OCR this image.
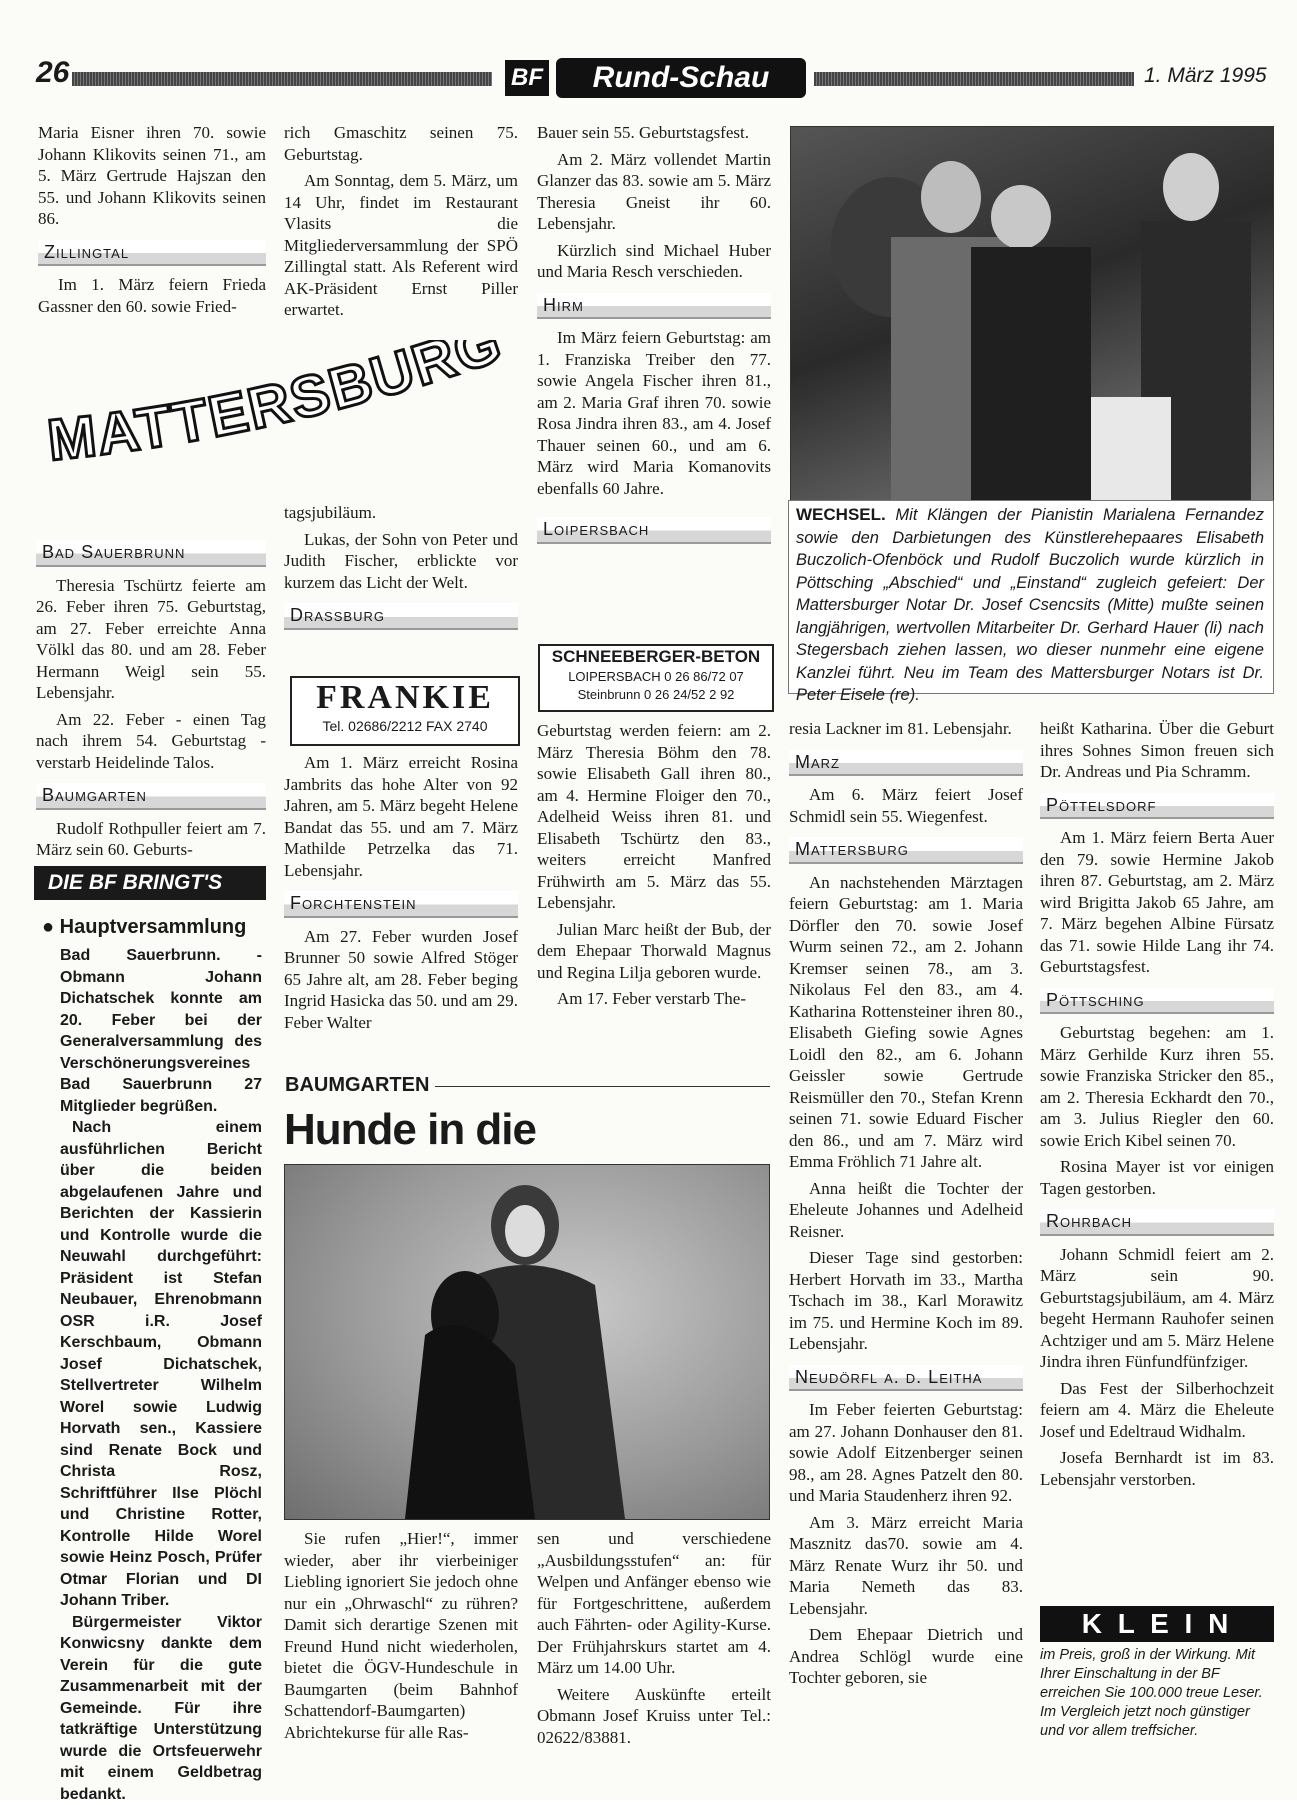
26	BF	Rund-Schau	1. März 1995

Maria Eisner ihren 70. sowie Johann Klikovits seinen 71., am 5. März Gertrude Hajszan den 55. und Johann Klikovits seinen 86.

Zillingtal

Im 1. März feiern Frieda Gassner den 60. sowie Fried-

rich Gmaschitz seinen 75. Geburtstag.

Am Sonntag, dem 5. März, um 14 Uhr, findet im Restaurant Vlasits die Mitgliederversammlung der SPÖ Zillingtal statt. Als Referent wird AK-Präsident Ernst Piller erwartet.

Bauer sein 55. Geburtstagsfest.

Am 2. März vollendet Martin Glanzer das 83. sowie am 5. März Theresia Gneist ihr 60. Lebensjahr.

Kürzlich sind Michael Huber und Maria Resch verschieden.

Hirm

Im März feiern Geburtstag: am 1. Franziska Treiber den 77. sowie Angela Fischer ihren 81., am 2. Maria Graf ihren 70. sowie Rosa Jindra ihren 83., am 4. Josef Thauer seinen 60., und am 6. März wird Maria Komanovits ebenfalls 60 Jahre.

Loipersbach
MATTERSBURG
WECHSEL. Mit Klängen der Pianistin Marialena Fernandez sowie den Darbietungen des Künstlerehepaares Elisabeth Buczolich-Ofenböck und Rudolf Buczolich wurde kürzlich in Pöttsching „Abschied“ und „Einstand“ zugleich gefeiert: Der Mattersburger Notar Dr. Josef Csencsits (Mitte) mußte seinen langjährigen, wertvollen Mitarbeiter Dr. Gerhard Hauer (li) nach Stegersbach ziehen lassen, wo dieser nunmehr eine eigene Kanzlei führt. Neu im Team des Mattersburger Notars ist Dr. Peter Eisele (re).
Bad Sauerbrunn

Theresia Tschürtz feierte am 26. Feber ihren 75. Geburtstag, am 27. Feber erreichte Anna Völkl das 80. und am 28. Feber Hermann Weigl sein 55. Lebensjahr.

Am 22. Feber - einen Tag nach ihrem 54. Geburtstag - verstarb Heidelinde Talos.

Baumgarten

Rudolf Rothpuller feiert am 7. März sein 60. Geburts-

DIE BF BRINGT'S
● Hauptversammlung
Bad Sauerbrunn. - Obmann Johann Dichatschek konnte am 20. Feber bei der Generalversammlung des Verschönerungsvereines Bad Sauerbrunn 27 Mitglieder begrüßen.
Nach einem ausführlichen Bericht über die beiden abgelaufenen Jahre und Berichten der Kassierin und Kontrolle wurde die Neuwahl durchgeführt: Präsident ist Stefan Neubauer, Ehrenobmann OSR i.R. Josef Kerschbaum, Obmann Josef Dichatschek, Stellvertreter Wilhelm Worel sowie Ludwig Horvath sen., Kassiere sind Renate Bock und Christa Rosz, Schriftführer Ilse Plöchl und Christine Rotter, Kontrolle Hilde Worel sowie Heinz Posch, Prüfer Otmar Florian und DI Johann Triber.
Bürgermeister Viktor Konwicsny dankte dem Verein für die gute Zusammenarbeit mit der Gemeinde. Für ihre tatkräftige Unterstützung wurde die Ortsfeuerwehr mit einem Geldbetrag bedankt.

tagsjubiläum.

Lukas, der Sohn von Peter und Judith Fischer, erblickte vor kurzem das Licht der Welt.

Drassburg
FRANKIE
Tel. 02686/2212 FAX 2740

Am 1. März erreicht Rosina Jambrits das hohe Alter von 92 Jahren, am 5. März begeht Helene Bandat das 55. und am 7. März Mathilde Petrzelka das 71. Lebensjahr.

Forchtenstein

Am 27. Feber wurden Josef Brunner 50 sowie Alfred Stöger 65 Jahre alt, am 28. Feber beging Ingrid Hasicka das 50. und am 29. Feber Walter

SCHNEEBERGER-BETON
LOIPERSBACH 0 26 86/72 07
Steinbrunn 0 26 24/52 2 92

Geburtstag werden feiern: am 2. März Theresia Böhm den 78. sowie Elisabeth Gall ihren 80., am 4. Hermine Floiger den 70., Adelheid Weiss ihren 81. und Elisabeth Tschürtz den 83., weiters erreicht Manfred Frühwirth am 5. März das 55. Lebensjahr.

Julian Marc heißt der Bub, der dem Ehepaar Thorwald Magnus und Regina Lilja geboren wurde.

Am 17. Feber verstarb The-

BAUMGARTEN
Hunde in die

Sie rufen „Hier!“, immer wieder, aber ihr vierbeiniger Liebling ignoriert Sie jedoch ohne nur ein „Ohrwaschl“ zu rühren? Damit sich derartige Szenen mit Freund Hund nicht wiederholen, bietet die ÖGV-Hundeschule in Baumgarten (beim Bahnhof Schattendorf-Baumgarten) Abrichtekurse für alle Ras-

sen und verschiedene „Ausbildungsstufen“ an: für Welpen und Anfänger ebenso wie für Fortgeschrittene, außerdem auch Fährten- oder Agility-Kurse. Der Frühjahrskurs startet am 4. März um 14.00 Uhr.

Weitere Auskünfte erteilt Obmann Josef Kruiss unter Tel.: 02622/83881.

resia Lackner im 81. Lebensjahr.

Marz

Am 6. März feiert Josef Schmidl sein 55. Wiegenfest.

Mattersburg

An nachstehenden Märztagen feiern Geburtstag: am 1. Maria Dörfler den 70. sowie Josef Wurm seinen 72., am 2. Johann Kremser seinen 78., am 3. Nikolaus Fel den 83., am 4. Katharina Rottensteiner ihren 80., Elisabeth Giefing sowie Agnes Loidl den 82., am 6. Johann Geissler sowie Gertrude Reismüller den 70., Stefan Krenn seinen 71. sowie Eduard Fischer den 86., und am 7. März wird Emma Fröhlich 71 Jahre alt.

Anna heißt die Tochter der Eheleute Johannes und Adelheid Reisner.

Dieser Tage sind gestorben: Herbert Horvath im 33., Martha Tschach im 38., Karl Morawitz im 75. und Hermine Koch im 89. Lebensjahr.

Neudörfl a. d. Leitha

Im Feber feierten Geburtstag: am 27. Johann Donhauser den 81. sowie Adolf Eitzenberger seinen 98., am 28. Agnes Patzelt den 80. und Maria Staudenherz ihren 92.

Am 3. März erreicht Maria Masznitz das70. sowie am 4. März Renate Wurz ihr 50. und Maria Nemeth das 83. Lebensjahr.

Dem Ehepaar Dietrich und Andrea Schlögl wurde eine Tochter geboren, sie

heißt Katharina. Über die Geburt ihres Sohnes Simon freuen sich Dr. Andreas und Pia Schramm.

Pöttelsdorf

Am 1. März feiern Berta Auer den 79. sowie Hermine Jakob ihren 87. Geburtstag, am 2. März wird Brigitta Jakob 65 Jahre, am 7. März begehen Albine Fürsatz das 71. sowie Hilde Lang ihr 74. Geburtstagsfest.

Pöttsching

Geburtstag begehen: am 1. März Gerhilde Kurz ihren 55. sowie Franziska Stricker den 85., am 2. Theresia Eckhardt den 70., am 3. Julius Riegler den 60. sowie Erich Kibel seinen 70.

Rosina Mayer ist vor einigen Tagen gestorben.

Rohrbach

Johann Schmidl feiert am 2. März sein 90. Geburtstagsjubiläum, am 4. März begeht Hermann Rauhofer seinen Achtziger und am 5. März Helene Jindra ihren Fünfundfünfziger.

Das Fest der Silberhochzeit feiern am 4. März die Eheleute Josef und Edeltraud Widhalm.

Josefa Bernhardt ist im 83. Lebensjahr verstorben.

K L E I N
im Preis, groß in der Wirkung. Mit Ihrer Einschaltung in der BF erreichen Sie 100.000 treue Leser. Im Vergleich jetzt noch günstiger und vor allem treffsicher.
